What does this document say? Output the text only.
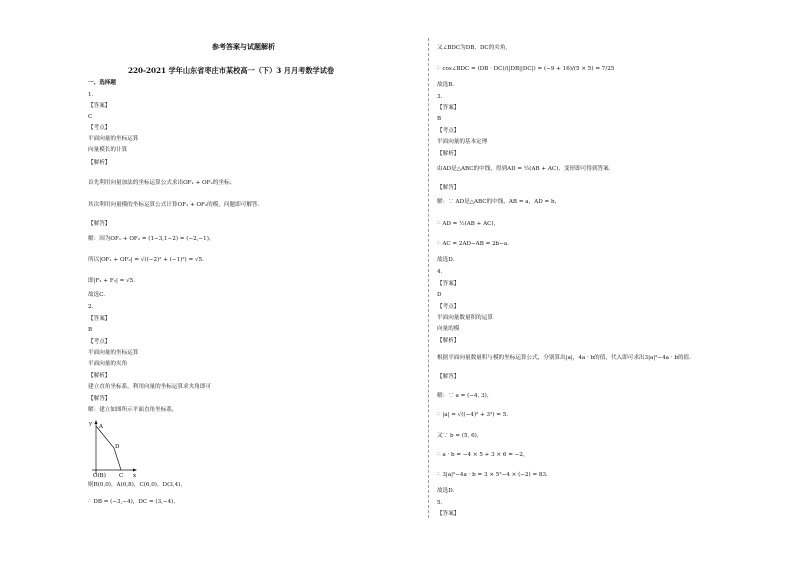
参考答案与试题解析
220-2021 学年山东省枣庄市某校高一（下）3 月月考数学试卷
一、选择题
1.
【答案】
C
【考点】
平面向量的坐标运算
向量模长的计算
【解析】
首先利用向量加法的坐标运算公式求出OF₁ + OF₂的坐标；
其次利用向量模的坐标运算公式计算OF₁ + OF₂的模，问题即可解答.
【解答】
解：因为OF₁ + OF₂ = (1−3,1−2) = (−2,−1)，
所以|OF₁ + OF₂| = √((−2)² + (−1)²) = √5.
即|F₁ + F₂| = √5.
故选C.
2.
【答案】
B
【考点】
平面向量的坐标运算
平面向量的夹角
【解析】
建立直角坐标系，利用向量的坐标运算求夹角即可
【解答】
解：建立如图所示平面直角坐标系，
A
D
O(B) C x
y
则B(0,0)，A(0,8)，C(6,0)，D(3,4)，
∴ DB = (−3,−4)，DC = (3,−4)，
又∠BDC为DB，DC的夹角,
∴ cos∠BDC = (DB · DC)/(|DB||DC|) = (−9 + 16)/(5 × 5) = 7/25
故选B.
3.
【答案】
B
【考点】
平面向量的基本定理
【解析】
由AD是△ABC的中线，得到AD = ½(AB + AC)，变形即可得到答案.
【解答】
解：∵ AD是△ABC的中线，AB = a，AD = b，
∴ AD = ½(AB + AC)，
∴ AC = 2AD−AB = 2b−a.
故选D.
4.
【答案】
D
【考点】
平面向量数量积的运算
向量的模
【解析】
根据平面向量数量积与模的坐标运算公式，分别算出|a|，4a · b的值，代入即可求出3|a|²−4a · b的值.
【解答】
解：∵ a = (−4, 3)，
∴ |a| = √((−4)² + 3²) = 5.
又∵ b = (5, 6)，
∴ a · b = −4 × 5 + 3 × 6 = −2，
∴ 3|a|²−4a · b = 3 × 5²−4 × (−2) = 83.
故选D.
5.
【答案】
